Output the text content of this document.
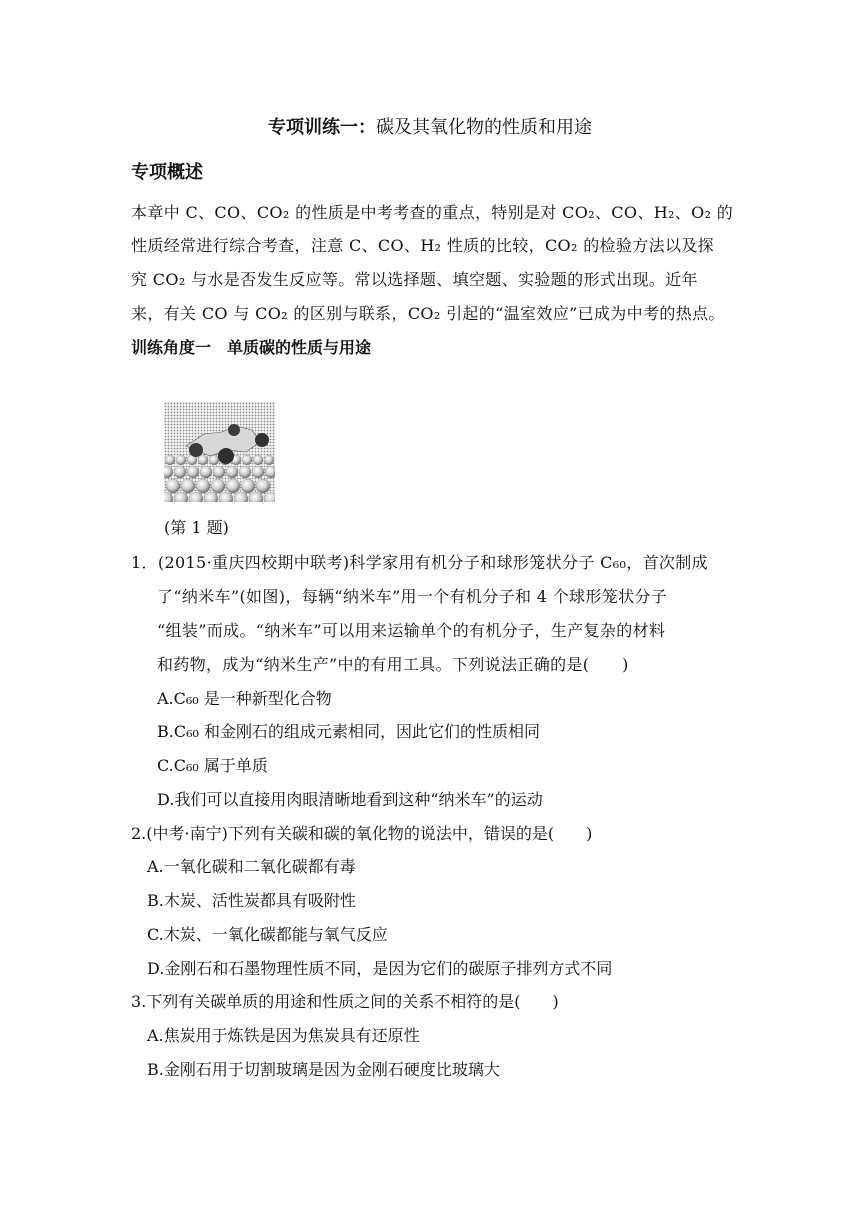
专项训练一：碳及其氧化物的性质和用途
专项概述
本章中 C、CO、CO₂ 的性质是中考考查的重点，特别是对 CO₂、CO、H₂、O₂ 的
性质经常进行综合考查，注意 C、CO、H₂ 性质的比较，CO₂ 的检验方法以及探
究 CO₂ 与水是否发生反应等。常以选择题、填空题、实验题的形式出现。近年
来，有关 CO 与 CO₂ 的区别与联系，CO₂ 引起的“温室效应”已成为中考的热点。
训练角度一　单质碳的性质与用途
(第 1 题)
1．(2015·重庆四校期中联考)科学家用有机分子和球形笼状分子 C₆₀，首次制成
了“纳米车”(如图)，每辆“纳米车”用一个有机分子和 4 个球形笼状分子
“组装”而成。“纳米车”可以用来运输单个的有机分子，生产复杂的材料
和药物，成为“纳米生产”中的有用工具。下列说法正确的是(　　)
A.C₆₀ 是一种新型化合物
B.C₆₀ 和金刚石的组成元素相同，因此它们的性质相同
C.C₆₀ 属于单质
D.我们可以直接用肉眼清晰地看到这种“纳米车”的运动
2.(中考·南宁)下列有关碳和碳的氧化物的说法中，错误的是(　　)
A.一氧化碳和二氧化碳都有毒
B.木炭、活性炭都具有吸附性
C.木炭、一氧化碳都能与氧气反应
D.金刚石和石墨物理性质不同，是因为它们的碳原子排列方式不同
3.下列有关碳单质的用途和性质之间的关系不相符的是(　　)
A.焦炭用于炼铁是因为焦炭具有还原性
B.金刚石用于切割玻璃是因为金刚石硬度比玻璃大
